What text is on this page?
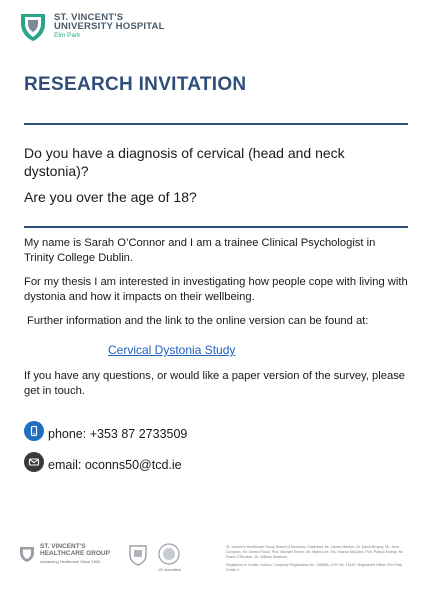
ST. VINCENT'S
UNIVERSITY HOSPITAL
Elm Park
RESEARCH INVITATION

Do you have a diagnosis of cervical (head and neck dystonia)?

Are you over the age of 18?

My name is Sarah O’Connor and I am a trainee Clinical Psychologist in Trinity College Dublin.

For my thesis I am interested in investigating how people cope with living with dystonia and how it impacts on their wellbeing.

Further information and the link to the online version can be found at:

Cervical Dystonia Study
If you have any questions, or would like a paper version of the survey, please get in touch.
phone: +353 87 2733509
email: oconns50@tcd.ie
ST. VINCENT'S
HEALTHCARE GROUP
Advancing Healthcare Since 1834
JCI Accredited

St. Vincent's Healthcare Group Board of Directors: Chairman: Mr. James Menton, Dr. David Brophy, Mr. John Compton, Mr. Gerard Flood, Prof. Michael Keane, Mr. Myles Lee, Ms. Sharon McCabe, Prof. Patrick Murray, Mr. Frank O'Riordan, Mr. William Shannon.

Registered in Dublin, Ireland, Company Registration No. 338585, CHY No. 14187. Registered Office: Elm Park, Dublin 4.
